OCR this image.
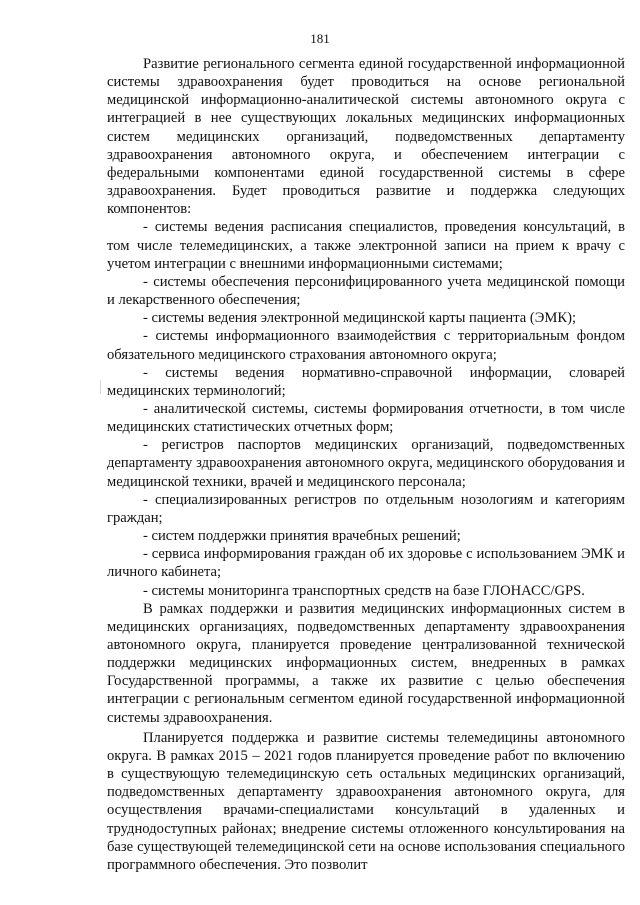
181

Развитие регионального сегмента единой государственной информационной системы здравоохранения будет проводиться на основе региональной медицинской информационно-аналитической системы автономного округа с интеграцией в нее существующих локальных медицинских информационных систем медицинских организаций, подведомственных департаменту здравоохранения автономного округа, и обеспечением интеграции с федеральными компонентами единой государственной системы в сфере здравоохранения. Будет проводиться развитие и поддержка следующих компонентов:

- системы ведения расписания специалистов, проведения консультаций, в том числе телемедицинских, а также электронной записи на прием к врачу с учетом интеграции с внешними информационными системами;

- системы обеспечения персонифицированного учета медицинской помощи и лекарственного обеспечения;

- системы ведения электронной медицинской карты пациента (ЭМК);

- системы информационного взаимодействия с территориальным фондом обязательного медицинского страхования автономного округа;

- системы ведения нормативно-справочной информации, словарей медицинских терминологий;

- аналитической системы, системы формирования отчетности, в том числе медицинских статистических отчетных форм;

- регистров паспортов медицинских организаций, подведомственных департаменту здравоохранения автономного округа, медицинского оборудования и медицинской техники, врачей и медицинского персонала;

- специализированных регистров по отдельным нозологиям и категориям граждан;

- систем поддержки принятия врачебных решений;

- сервиса информирования граждан об их здоровье с использованием ЭМК и личного кабинета;

- системы мониторинга транспортных средств на базе ГЛОНАСС/GPS.

В рамках поддержки и развития медицинских информационных систем в медицинских организациях, подведомственных департаменту здравоохранения автономного округа, планируется проведение централизованной технической поддержки медицинских информационных систем, внедренных в рамках Государственной программы, а также их развитие с целью обеспечения интеграции с региональным сегментом единой государственной информационной системы здравоохранения.

Планируется поддержка и развитие системы телемедицины автономного округа. В рамках 2015 – 2021 годов планируется проведение работ по включению в существующую телемедицинскую сеть остальных медицинских организаций, подведомственных департаменту здравоохранения автономного округа, для осуществления врачами-специалистами консультаций в удаленных и труднодоступных районах; внедрение системы отложенного консультирования на базе существующей телемедицинской сети на основе использования специального программного обеспечения. Это позволит
